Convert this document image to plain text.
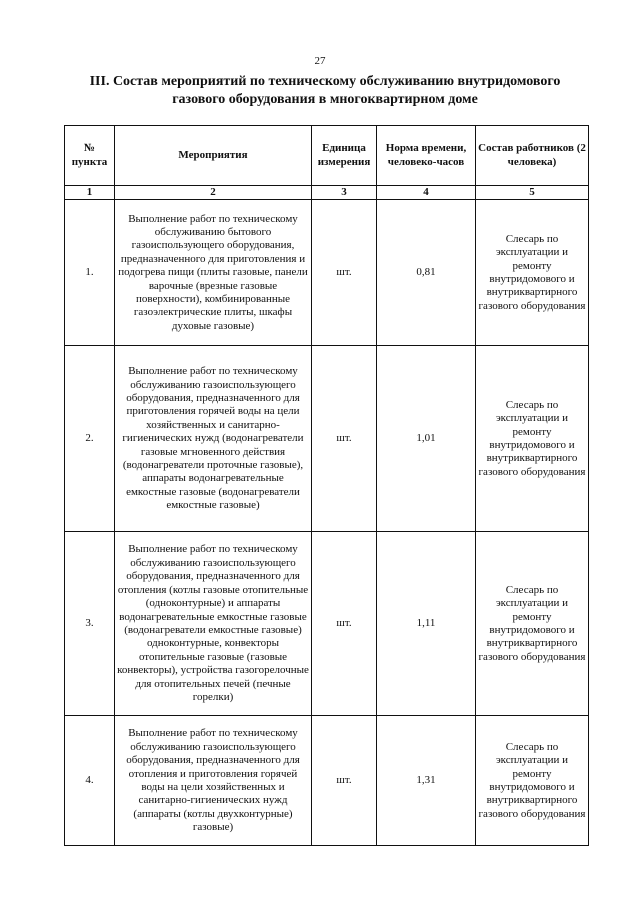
27
III. Состав мероприятий по техническому обслуживанию внутридомового
газового оборудования в многоквартирном доме
№ пункта	Мероприятия	Единица измерения	Норма времени, человеко-часов	Состав работников (2 человека)
1	2	3	4	5
1.	Выполнение работ по техническому обслуживанию бытового газоиспользующего оборудования, предназначенного для приготовления и подогрева пищи (плиты газовые, панели варочные (врезные газовые поверхности), комбинированные газоэлектрические плиты, шкафы духовые газовые)	шт.	0,81	Слесарь по эксплуатации и ремонту внутридомового и внутриквартирного газового оборудования
2.	Выполнение работ по техническому обслуживанию газоиспользующего оборудования, предназначенного для приготовления горячей воды на цели хозяйственных и санитарно-гигиенических нужд (водонагреватели газовые мгновенного действия (водонагреватели проточные газовые), аппараты водонагревательные емкостные газовые (водонагреватели емкостные газовые)	шт.	1,01	Слесарь по эксплуатации и ремонту внутридомового и внутриквартирного газового оборудования
3.	Выполнение работ по техническому обслуживанию газоиспользующего оборудования, предназначенного для отопления (котлы газовые отопительные (одноконтурные) и аппараты водонагревательные емкостные газовые (водонагреватели емкостные газовые) одноконтурные, конвекторы отопительные газовые (газовые конвекторы), устройства газогорелочные для отопительных печей (печные горелки)	шт.	1,11	Слесарь по эксплуатации и ремонту внутридомового и внутриквартирного газового оборудования
4.	Выполнение работ по техническому обслуживанию газоиспользующего оборудования, предназначенного для отопления и приготовления горячей воды на цели хозяйственных и санитарно-гигиенических нужд (аппараты (котлы двухконтурные) газовые)	шт.	1,31	Слесарь по эксплуатации и ремонту внутридомового и внутриквартирного газового оборудования
